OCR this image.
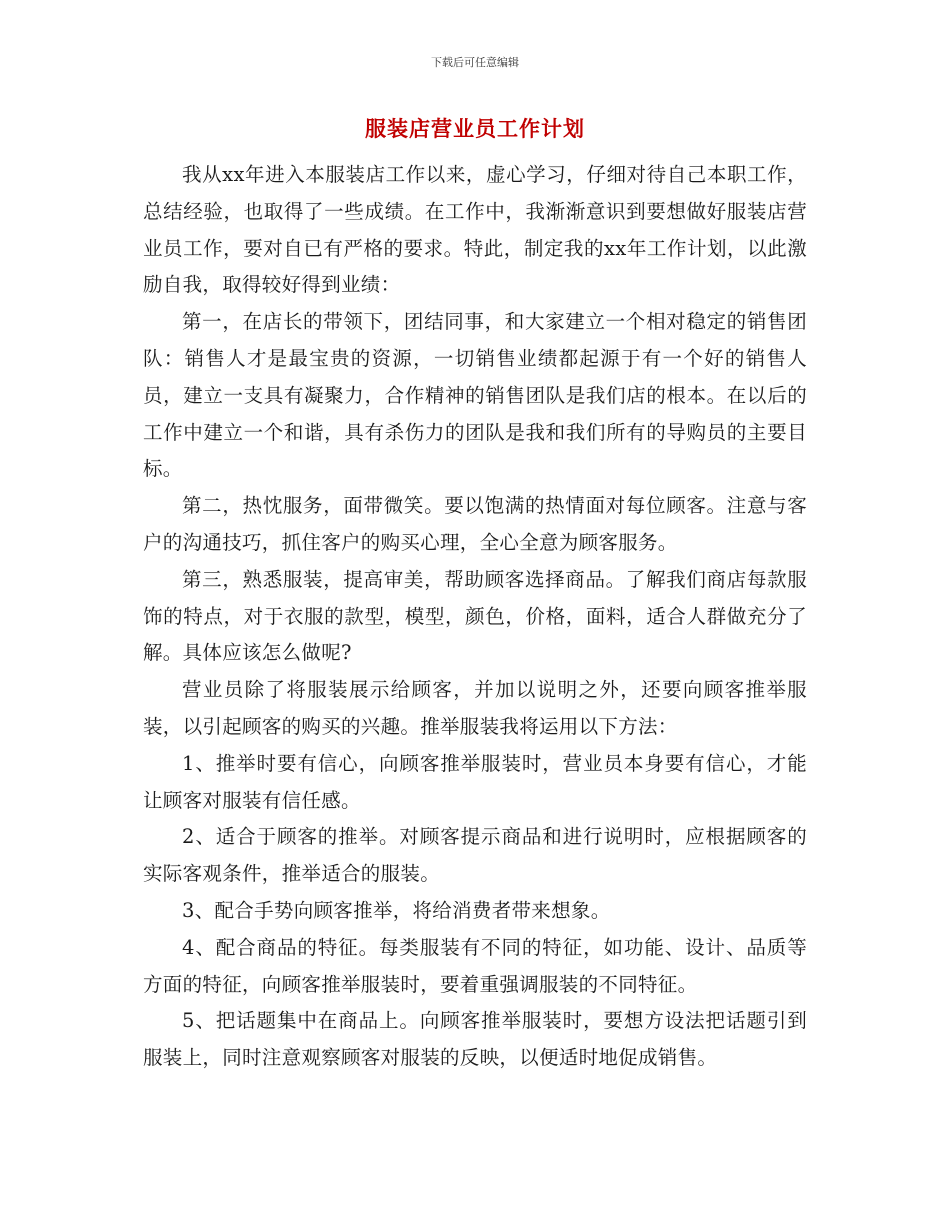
下载后可任意编辑
服装店营业员工作计划

我从xx年进入本服装店工作以来，虚心学习，仔细对待自己本职工作，总结经验，也取得了一些成绩。在工作中，我渐渐意识到要想做好服装店营业员工作，要对自已有严格的要求。特此，制定我的xx年工作计划，以此激励自我，取得较好得到业绩：

第一，在店长的带领下，团结同事，和大家建立一个相对稳定的销售团队：销售人才是最宝贵的资源，一切销售业绩都起源于有一个好的销售人员，建立一支具有凝聚力，合作精神的销售团队是我们店的根本。在以后的工作中建立一个和谐，具有杀伤力的团队是我和我们所有的导购员的主要目标。

第二，热忱服务，面带微笑。要以饱满的热情面对每位顾客。注意与客户的沟通技巧，抓住客户的购买心理，全心全意为顾客服务。

第三，熟悉服装，提高审美，帮助顾客选择商品。了解我们商店每款服饰的特点，对于衣服的款型，模型，颜色，价格，面料，适合人群做充分了解。具体应该怎么做呢?

营业员除了将服装展示给顾客，并加以说明之外，还要向顾客推举服装，以引起顾客的购买的兴趣。推举服装我将运用以下方法：

1、推举时要有信心，向顾客推举服装时，营业员本身要有信心，才能让顾客对服装有信任感。

2、适合于顾客的推举。对顾客提示商品和进行说明时，应根据顾客的实际客观条件，推举适合的服装。

3、配合手势向顾客推举，将给消费者带来想象。

4、配合商品的特征。每类服装有不同的特征，如功能、设计、品质等方面的特征，向顾客推举服装时，要着重强调服装的不同特征。

5、把话题集中在商品上。向顾客推举服装时，要想方设法把话题引到服装上，同时注意观察顾客对服装的反映，以便适时地促成销售。
